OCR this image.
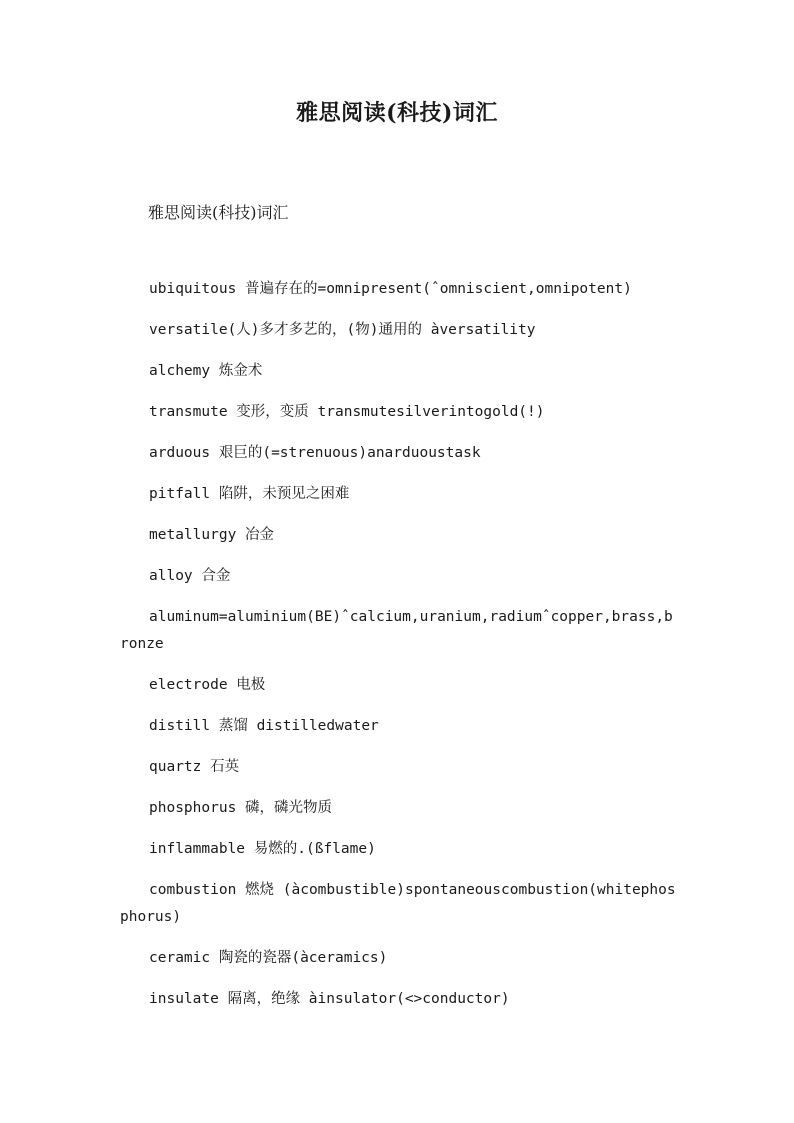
雅思阅读(科技)词汇
雅思阅读(科技)词汇
ubiquitous 普遍存在的=omnipresent(ˆomniscient,omnipotent)
versatile(人)多才多艺的，(物)通用的 àversatility
alchemy 炼金术
transmute 变形，变质 transmutesilverintogold(!)
arduous 艰巨的(=strenuous)anarduoustask
pitfall 陷阱，未预见之困难
metallurgy 冶金
alloy 合金
aluminum=aluminium(BE)ˆcalcium,uranium,radiumˆcopper,brass,bronze
electrode 电极
distill 蒸馏 distilledwater
quartz 石英
phosphorus 磷，磷光物质
inflammable 易燃的.(ßflame)
combustion 燃烧 (àcombustible)spontaneouscombustion(whitephosphorus)
ceramic 陶瓷的瓷器(àceramics)
insulate 隔离，绝缘 àinsulator(<>conductor)
